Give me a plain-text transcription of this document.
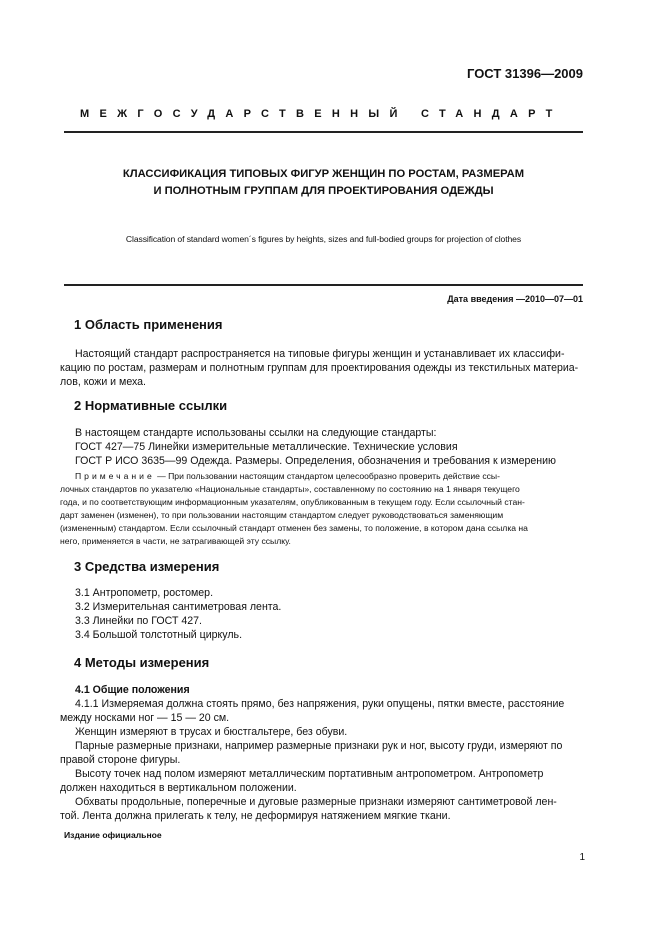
ГОСТ 31396—2009
МЕЖГОСУДАРСТВЕННЫЙ СТАНДАРТ
КЛАССИФИКАЦИЯ ТИПОВЫХ ФИГУР ЖЕНЩИН ПО РОСТАМ, РАЗМЕРАМ
И ПОЛНОТНЫМ ГРУППАМ ДЛЯ ПРОЕКТИРОВАНИЯ ОДЕЖДЫ
Classification of standard women´s figures by heights, sizes and full-bodied groups for projection of clothes
Дата введения —2010—07—01
1 Область применения
Настоящий стандарт распространяется на типовые фигуры женщин и устанавливает их классифи-
кацию по ростам, размерам и полнотным группам для проектирования одежды из текстильных материа-
лов, кожи и меха.
2 Нормативные ссылки
В настоящем стандарте использованы ссылки на следующие стандарты:
ГОСТ 427—75 Линейки измерительные металлические. Технические условия
ГОСТ Р ИСО 3635—99 Одежда. Размеры. Определения, обозначения и требования к измерению
Примечание — При пользовании настоящим стандартом целесообразно проверить действие ссы-
лочных стандартов по указателю «Национальные стандарты», составленному по состоянию на 1 января текущего
года, и по соответствующим информационным указателям, опубликованным в текущем году. Если ссылочный стан-
дарт заменен (изменен), то при пользовании настоящим стандартом следует руководствоваться заменяющим
(измененным) стандартом. Если ссылочный стандарт отменен без замены, то положение, в котором дана ссылка на
него, применяется в части, не затрагивающей эту ссылку.
3 Средства измерения
3.1 Антропометр, ростомер.
3.2 Измерительная сантиметровая лента.
3.3 Линейки по ГОСТ 427.
3.4 Большой толстотный циркуль.
4 Методы измерения
4.1 Общие положения
4.1.1 Измеряемая должна стоять прямо, без напряжения, руки опущены, пятки вместе, расстояние
между носками ног — 15 — 20 см.
Женщин измеряют в трусах и бюстгальтере, без обуви.
Парные размерные признаки, например размерные признаки рук и ног, высоту груди, измеряют по
правой стороне фигуры.
Высоту точек над полом измеряют металлическим портативным антропометром. Антропометр
должен находиться в вертикальном положении.
Обхваты продольные, поперечные и дуговые размерные признаки измеряют сантиметровой лен-
той. Лента должна прилегать к телу, не деформируя натяжением мягкие ткани.
Издание официальное
1
